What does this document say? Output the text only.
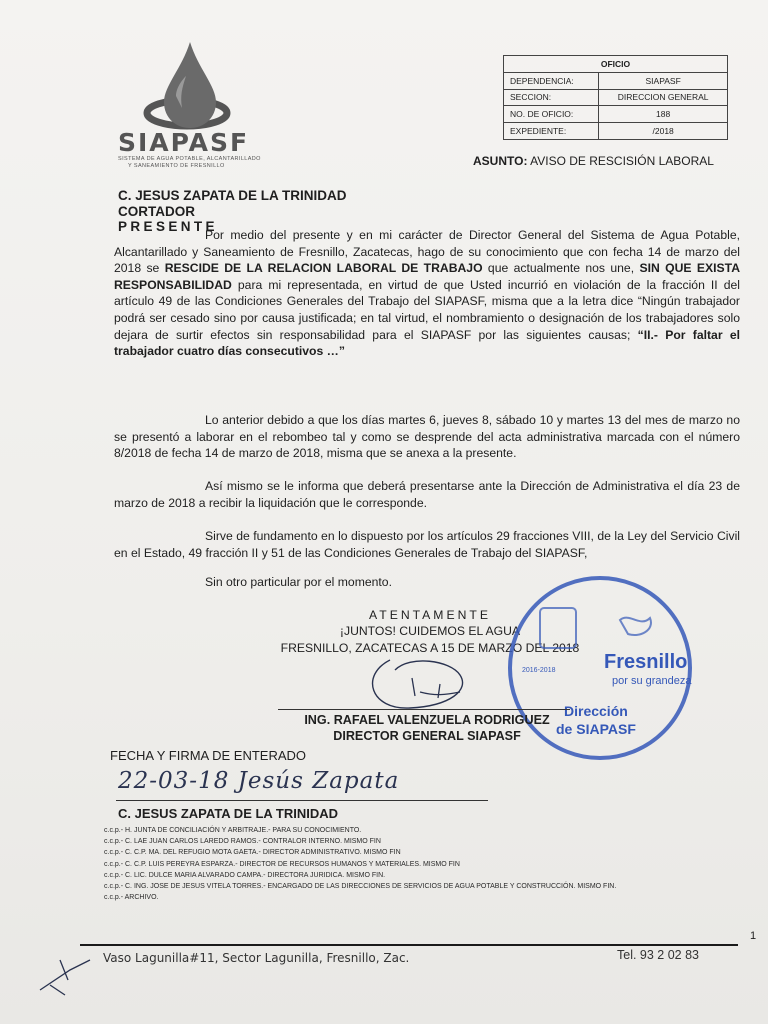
SIAPASF
SISTEMA DE AGUA POTABLE, ALCANTARILLADO
Y SANEAMIENTO DE FRESNILLO
OFICIO	
DEPENDENCIA:	SIAPASF
SECCION:	DIRECCION GENERAL
NO. DE OFICIO:	188
EXPEDIENTE:	/2018
ASUNTO: AVISO DE RESCISIÓN LABORAL
C. JESUS ZAPATA DE LA TRINIDAD
CORTADOR
PRESENTE

Por medio del presente y en mi carácter de Director General del Sistema de Agua Potable, Alcantarillado y Saneamiento de Fresnillo, Zacatecas, hago de su conocimiento que con fecha 14 de marzo del 2018 se RESCIDE DE LA RELACION LABORAL DE TRABAJO que actualmente nos une, SIN QUE EXISTA RESPONSABILIDAD para mi representada, en virtud de que Usted incurrió en violación de la fracción II del artículo 49 de las Condiciones Generales del Trabajo del SIAPASF, misma que a la letra dice “Ningún trabajador podrá ser cesado sino por causa justificada; en tal virtud, el nombramiento o designación de los trabajadores solo dejara de surtir efectos sin responsabilidad para el SIAPASF por las siguientes causas; “II.- Por faltar el trabajador cuatro días consecutivos …”

Lo anterior debido a que los días martes 6, jueves 8, sábado 10 y martes 13 del mes de marzo no se presentó a laborar en el rebombeo tal y como se desprende del acta administrativa marcada con el número 8/2018 de fecha 14 de marzo de 2018, misma que se anexa a la presente.

Así mismo se le informa que deberá presentarse ante la Dirección de Administrativa el día 23 de marzo de 2018 a recibir la liquidación que le corresponde.

Sirve de fundamento en lo dispuesto por los artículos 29 fracciones VIII, de la Ley del Servicio Civil en el Estado, 49 fracción II y 51 de las Condiciones Generales de Trabajo del SIAPASF,

Sin otro particular por el momento.

ATENTAMENTE
¡JUNTOS! CUIDEMOS EL AGUA
FRESNILLO, ZACATECAS A 15 DE MARZO DEL 2018
2016-2018 Fresnillo
por su grandeza
Dirección
de SIAPASF
ING. RAFAEL VALENZUELA RODRIGUEZ
DIRECTOR GENERAL SIAPASF
FECHA Y FIRMA DE ENTERADO
22-03-18 Jesús Zapata
C. JESUS ZAPATA DE LA TRINIDAD
c.c.p.- H. JUNTA DE CONCILIACIÓN Y ARBITRAJE.- PARA SU CONOCIMIENTO.
c.c.p.- C. LAE JUAN CARLOS LAREDO RAMOS.- CONTRALOR INTERNO. MISMO FIN
c.c.p.- C. C.P. MA. DEL REFUGIO MOTA GAETA.- DIRECTOR ADMINISTRATIVO. MISMO FIN
c.c.p.- C. C.P. LUIS PEREYRA ESPARZA.- DIRECTOR DE RECURSOS HUMANOS Y MATERIALES. MISMO FIN
c.c.p.- C. LIC. DULCE MARIA ALVARADO CAMPA.- DIRECTORA JURIDICA. MISMO FIN.
c.c.p.- C. ING. JOSE DE JESUS VITELA TORRES.- ENCARGADO DE LAS DIRECCIONES DE SERVICIOS DE AGUA POTABLE Y CONSTRUCCIÓN. MISMO FIN.
c.c.p.- ARCHIVO.
1
Vaso Lagunilla#11, Sector Lagunilla, Fresnillo, Zac.	Tel. 93 2 02 83
